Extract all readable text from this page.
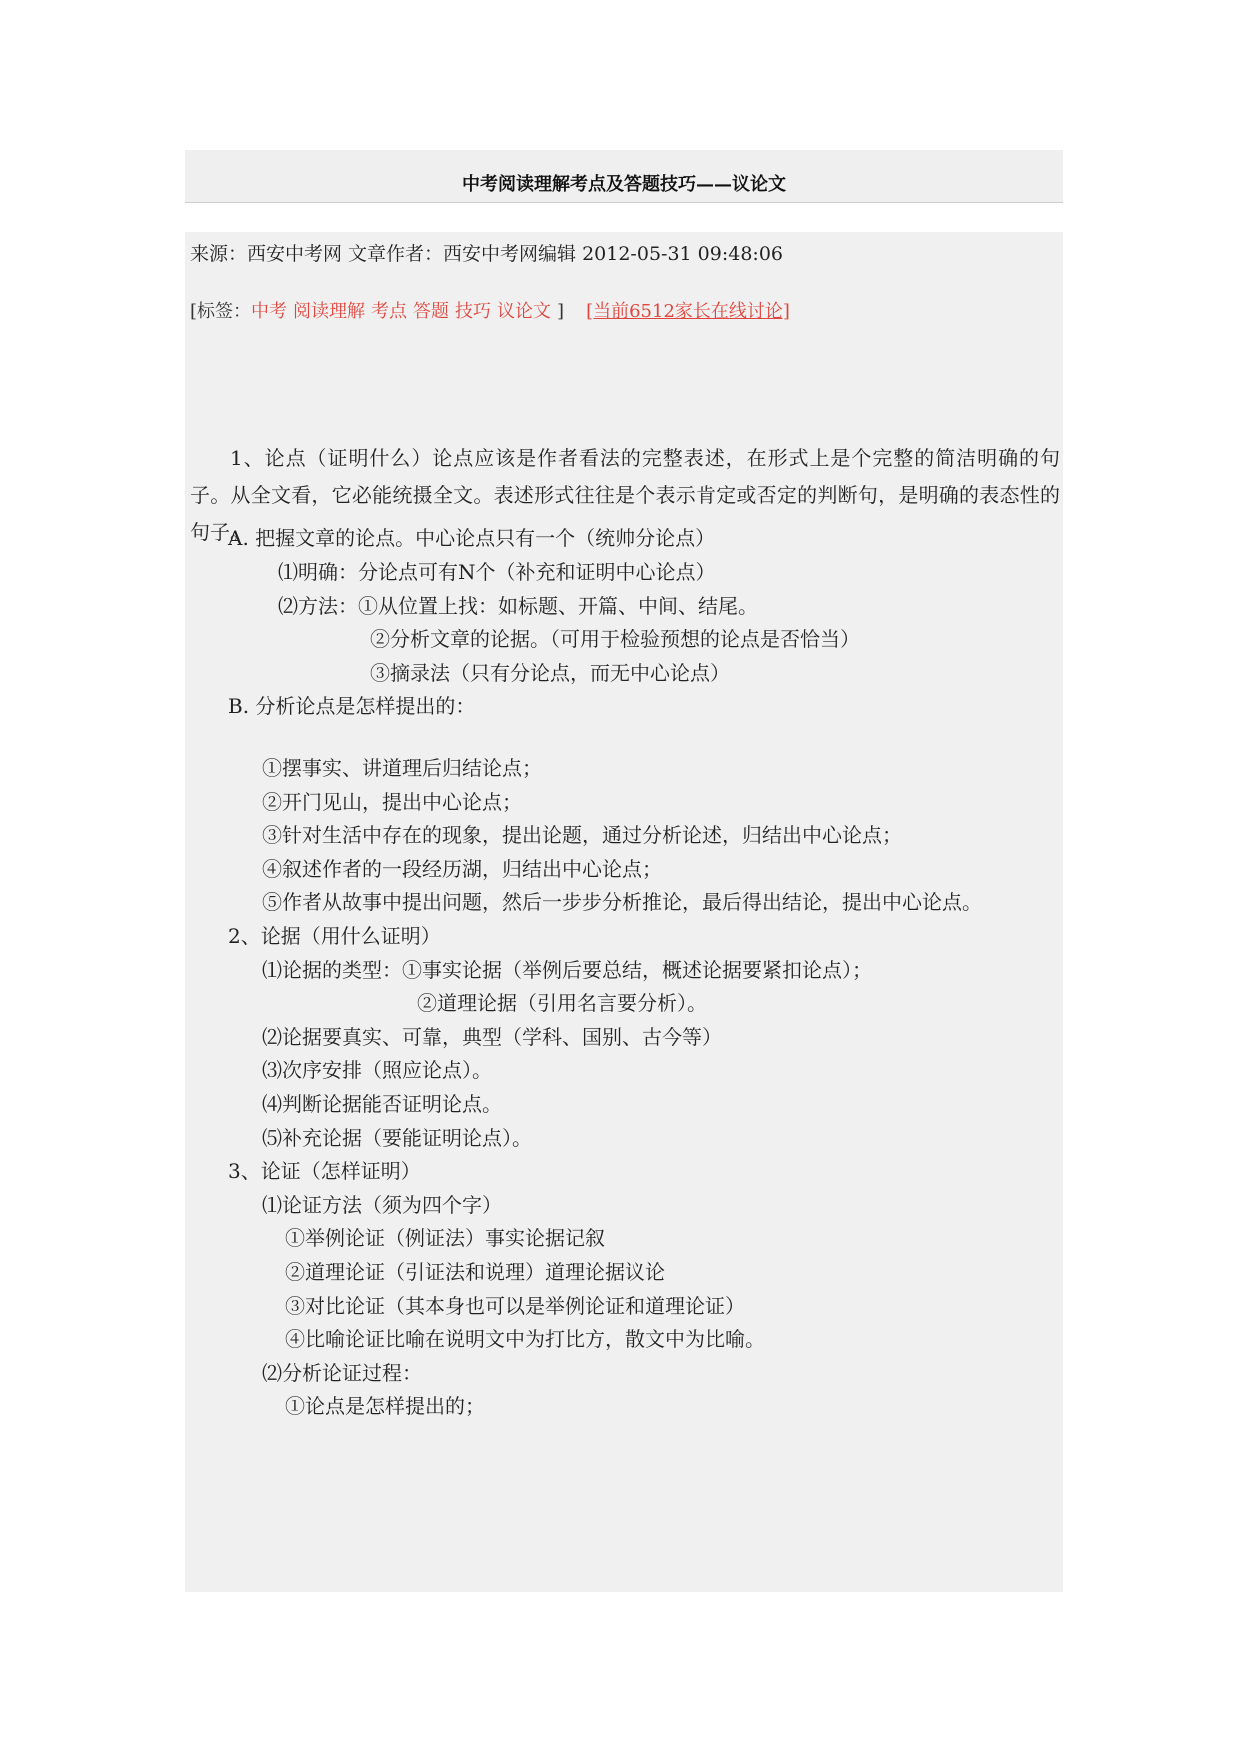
中考阅读理解考点及答题技巧——议论文
来源：西安中考网 文章作者：西安中考网编辑 2012-05-31 09:48:06
[标签：中考 阅读理解 考点 答题 技巧 议论文 ] [当前6512家长在线讨论]

1、论点（证明什么）论点应该是作者看法的完整表述，在形式上是个完整的简洁明确的句子。从全文看，它必能统摄全文。表述形式往往是个表示肯定或否定的判断句，是明确的表态性的句子。

A. 把握文章的论点。中心论点只有一个（统帅分论点）
⑴明确：分论点可有N个（补充和证明中心论点）
⑵方法：①从位置上找：如标题、开篇、中间、结尾。
②分析文章的论据。（可用于检验预想的论点是否恰当）
③摘录法（只有分论点，而无中心论点）
B. 分析论点是怎样提出的：
①摆事实、讲道理后归结论点；
②开门见山，提出中心论点；
③针对生活中存在的现象，提出论题，通过分析论述，归结出中心论点；
④叙述作者的一段经历湖，归结出中心论点；
⑤作者从故事中提出问题，然后一步步分析推论，最后得出结论，提出中心论点。
2、论据（用什么证明）
⑴论据的类型：①事实论据（举例后要总结，概述论据要紧扣论点）；
②道理论据（引用名言要分析）。
⑵论据要真实、可靠，典型（学科、国别、古今等）
⑶次序安排（照应论点）。
⑷判断论据能否证明论点。
⑸补充论据（要能证明论点）。
3、论证（怎样证明）
⑴论证方法（须为四个字）
①举例论证（例证法）事实论据记叙
②道理论证（引证法和说理）道理论据议论
③对比论证（其本身也可以是举例论证和道理论证）
④比喻论证比喻在说明文中为打比方，散文中为比喻。
⑵分析论证过程：
①论点是怎样提出的；
